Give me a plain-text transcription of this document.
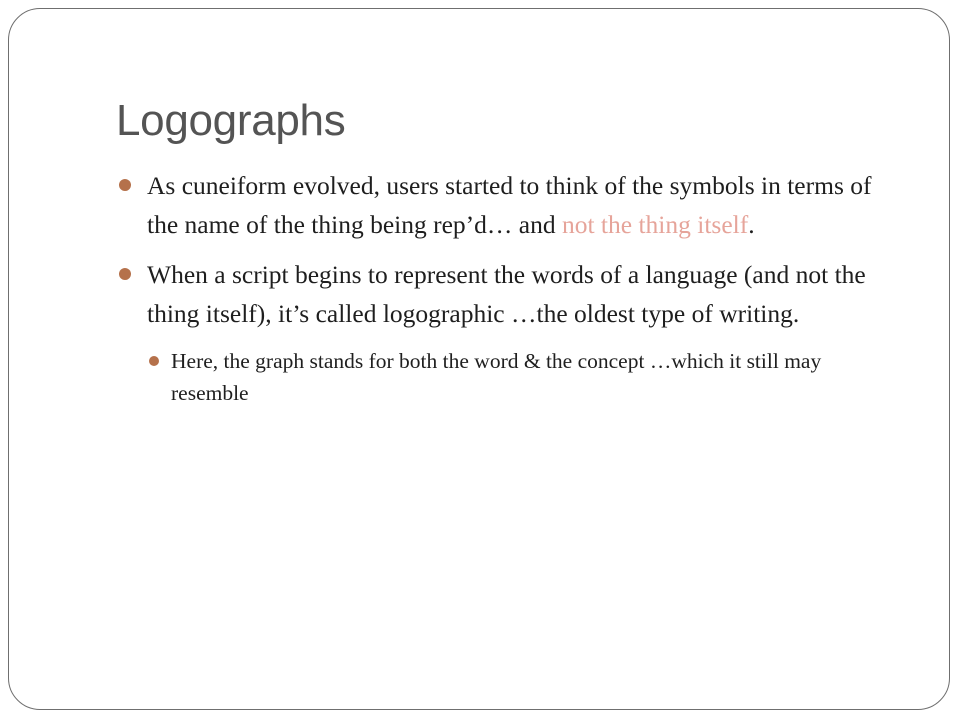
Logographs
As cuneiform evolved, users started to think of the symbols in terms of the name of the thing being rep’d… and not the thing itself.
When a script begins to represent the words of a language (and not the thing itself), it’s called logographic …the oldest type of writing.
Here, the graph stands for both the word & the concept …which it still may resemble
